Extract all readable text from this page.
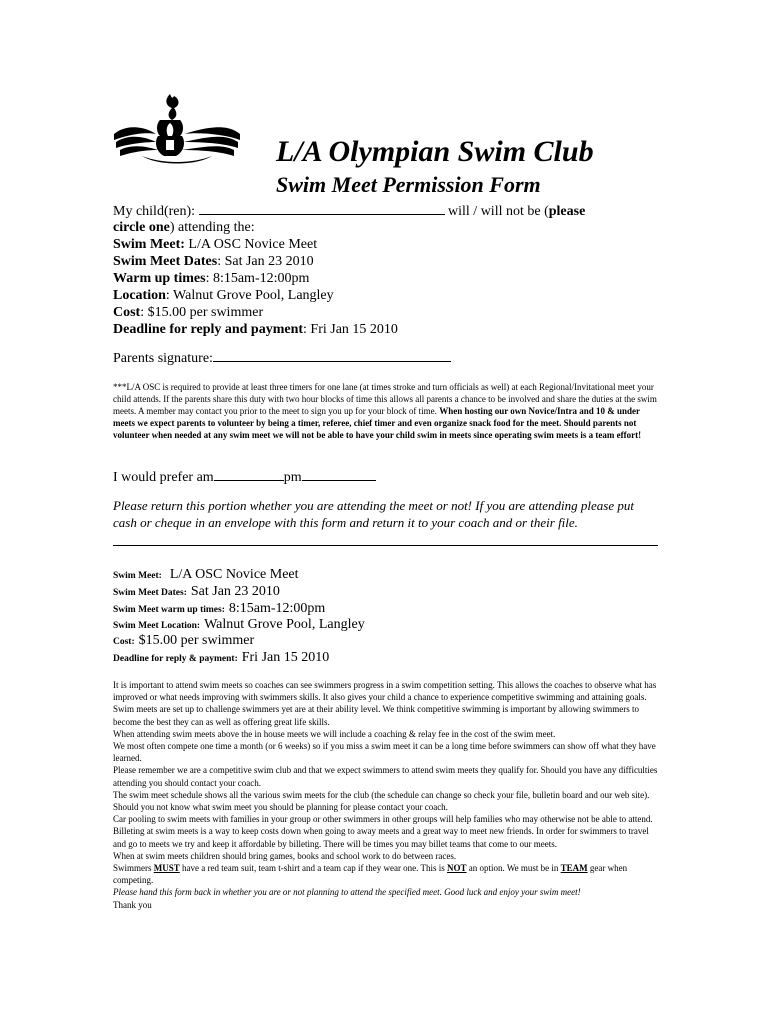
L/A Olympian Swim Club
Swim Meet Permission Form
My child(ren):	will / will not be (please
circle one) attending the:
Swim Meet: L/A OSC Novice Meet
Swim Meet Dates: Sat Jan 23 2010
Warm up times: 8:15am-12:00pm
Location: Walnut Grove Pool, Langley
Cost: $15.00 per swimmer
Deadline for reply and payment: Fri Jan 15 2010
Parents signature:
***L/A OSC is required to provide at least three timers for one lane (at times stroke and turn officials as well) at each Regional/Invitational meet your child attends. If the parents share this duty with two hour blocks of time this allows all parents a chance to be involved and share the duties at the swim meets. A member may contact you prior to the meet to sign you up for your block of time. When hosting our own Novice/Intra and 10 & under meets we expect parents to volunteer by being a timer, referee, chief timer and even organize snack food for the meet. Should parents not volunteer when needed at any swim meet we will not be able to have your child swim in meets since operating swim meets is a team effort!
I would prefer am	pm
Please return this portion whether you are attending the meet or not! If you are attending please put cash or cheque in an envelope with this form and return it to your coach and or their file.
Swim Meet: L/A OSC Novice Meet
Swim Meet Dates: Sat Jan 23 2010
Swim Meet warm up times: 8:15am-12:00pm
Swim Meet Location: Walnut Grove Pool, Langley
Cost: $15.00 per swimmer
Deadline for reply & payment: Fri Jan 15 2010

It is important to attend swim meets so coaches can see swimmers progress in a swim competition setting. This allows the coaches to observe what has improved or what needs improving with swimmers skills. It also gives your child a chance to experience competitive swimming and attaining goals. Swim meets are set up to challenge swimmers yet are at their ability level. We think competitive swimming is important by allowing swimmers to become the best they can as well as offering great life skills.

When attending swim meets above the in house meets we will include a coaching & relay fee in the cost of the swim meet.

We most often compete one time a month (or 6 weeks) so if you miss a swim meet it can be a long time before swimmers can show off what they have learned.

Please remember we are a competitive swim club and that we expect swimmers to attend swim meets they qualify for. Should you have any difficulties attending you should contact your coach.

The swim meet schedule shows all the various swim meets for the club (the schedule can change so check your file, bulletin board and our web site). Should you not know what swim meet you should be planning for please contact your coach.

Car pooling to swim meets with families in your group or other swimmers in other groups will help families who may otherwise not be able to attend.

Billeting at swim meets is a way to keep costs down when going to away meets and a great way to meet new friends. In order for swimmers to travel and go to meets we try and keep it affordable by billeting. There will be times you may billet teams that come to our meets.

When at swim meets children should bring games, books and school work to do between races.

Swimmers MUST have a red team suit, team t-shirt and a team cap if they wear one. This is NOT an option. We must be in TEAM gear when competing.

Please hand this form back in whether you are or not planning to attend the specified meet. Good luck and enjoy your swim meet!

Thank you
